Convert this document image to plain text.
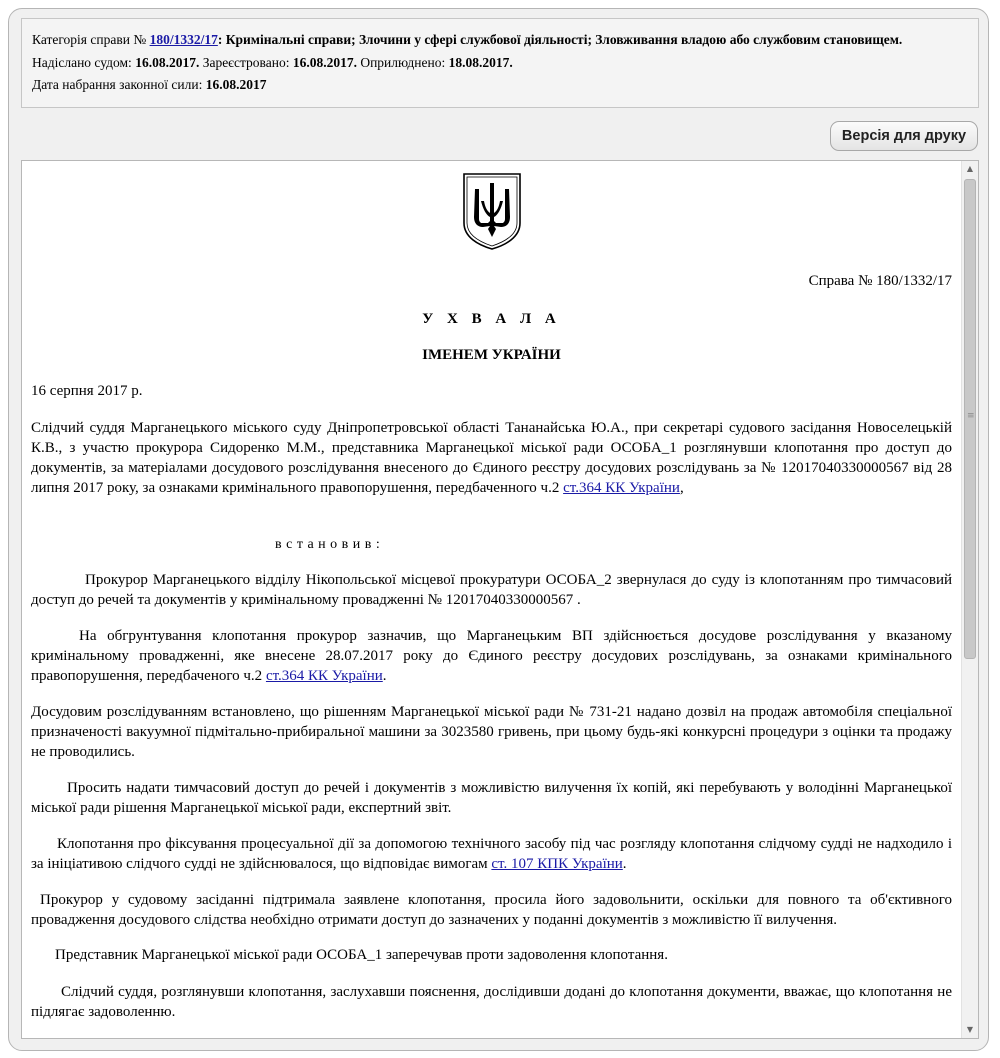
Категорія справи № 180/1332/17: Кримінальні справи; Злочини у сфері службової діяльності; Зловживання владою або службовим становищем.
Надіслано судом: 16.08.2017. Зареєстровано: 16.08.2017. Оприлюднено: 18.08.2017.
Дата набрання законної сили: 16.08.2017
Версія для друку
Справа № 180/1332/17
У Х В А Л А
ІМЕНЕМ УКРАЇНИ

16 серпня 2017 р.

Слідчий суддя Марганецького міського суду Дніпропетровської області Тананайська Ю.А., при секретарі судового засідання Новоселецькій К.В., з участю прокурора Сидоренко М.М., представника Марганецької міської ради ОСОБА_1 розглянувши клопотання про доступ до документів, за матеріалами досудового розслідування внесеного до Єдиного реєстру досудових розслідувань за № 12017040330000567 від 28 липня 2017 року, за ознаками кримінального правопорушення, передбаченного ч.2 ст.364 КК України,

в с т а н о в и в :

Прокурор Марганецького відділу Нікопольської місцевої прокуратури ОСОБА_2 звернулася до суду із клопотанням про тимчасовий доступ до речей та документів у кримінальному провадженні № 12017040330000567 .

На обгрунтування клопотання прокурор зазначив, що Марганецьким ВП здійснюється досудове розслідування у вказаному кримінальному провадженні, яке внесене 28.07.2017 року до Єдиного реєстру досудових розслідувань, за ознаками кримінального правопорушення, передбаченого ч.2 ст.364 КК України.

Досудовим розслідуванням встановлено, що рішенням Марганецької міської ради № 731-21 надано дозвіл на продаж автомобіля спеціальної призначеності вакуумної підмітально-прибиральної машини за 3023580 гривень, при цьому будь-які конкурсні процедури з оцінки та продажу не проводились.

Просить надати тимчасовий доступ до речей і документів з можливістю вилучення їх копій, які перебувають у володінні Марганецької міської ради рішення Марганецької міської ради, експертний звіт.

Клопотання про фіксування процесуальної дії за допомогою технічного засобу під час розгляду клопотання слідчому судді не надходило і за ініціативою слідчого судді не здійснювалося, що відповідає вимогам ст. 107 КПК України.

Прокурор у судовому засіданні підтримала заявлене клопотання, просила його задовольнити, оскільки для повного та об'єктивного провадження досудового слідства необхідно отримати доступ до зазначених у поданні документів з можливістю її вилучення.

Представник Марганецької міської ради ОСОБА_1 заперечував проти задоволення клопотання.

Слідчий суддя, розглянувши клопотання, заслухавши пояснення, дослідивши додані до клопотання документи, вважає, що клопотання не підлягає задоволенню.

▲
≡
▼
